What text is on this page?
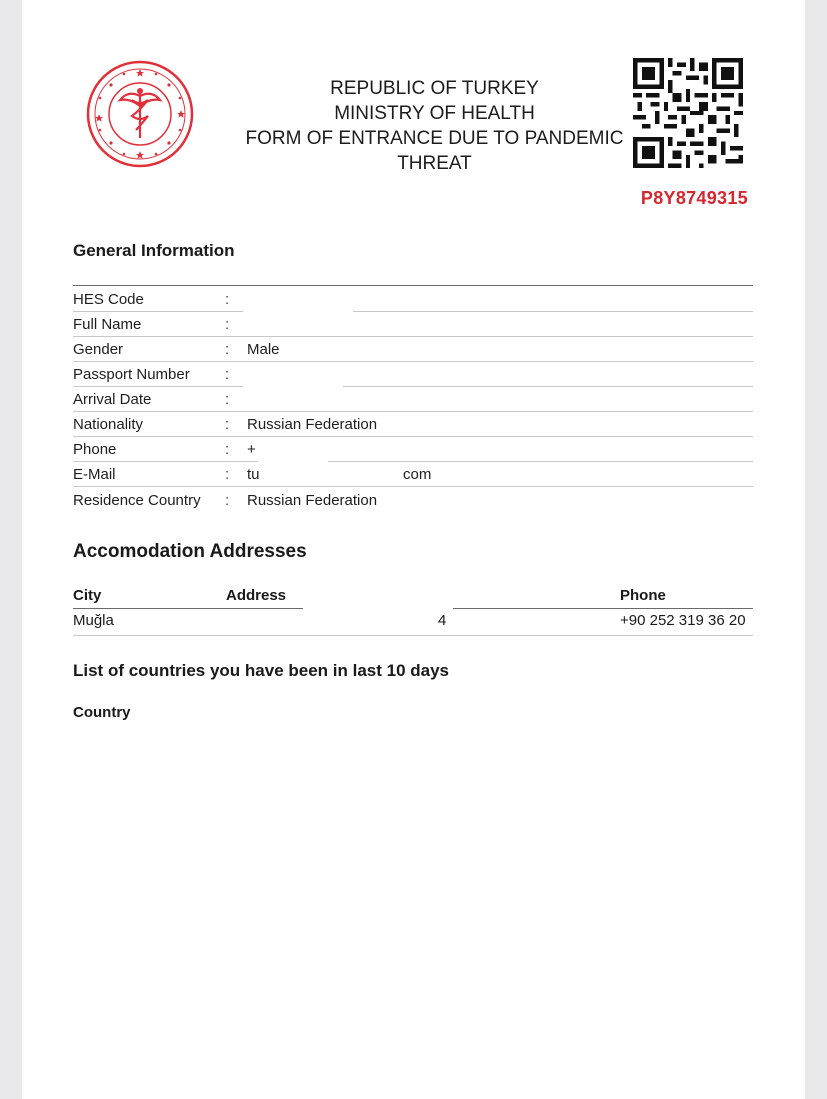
REPUBLIC OF TURKEY
MINISTRY OF HEALTH
FORM OF ENTRANCE DUE TO PANDEMIC
THREAT
P8Y8749315
General Information
HES Code	:
Full Name	:
Gender	: Male
Passport Number :
Arrival Date	:
Nationality	: Russian Federation
Phone	: +
E-Mail	: tu	com
Residence Country : Russian Federation
Accomodation Addresses
City	Address	Phone
Muğla	4	+90 252 319 36 20
List of countries you have been in last 10 days
Country
